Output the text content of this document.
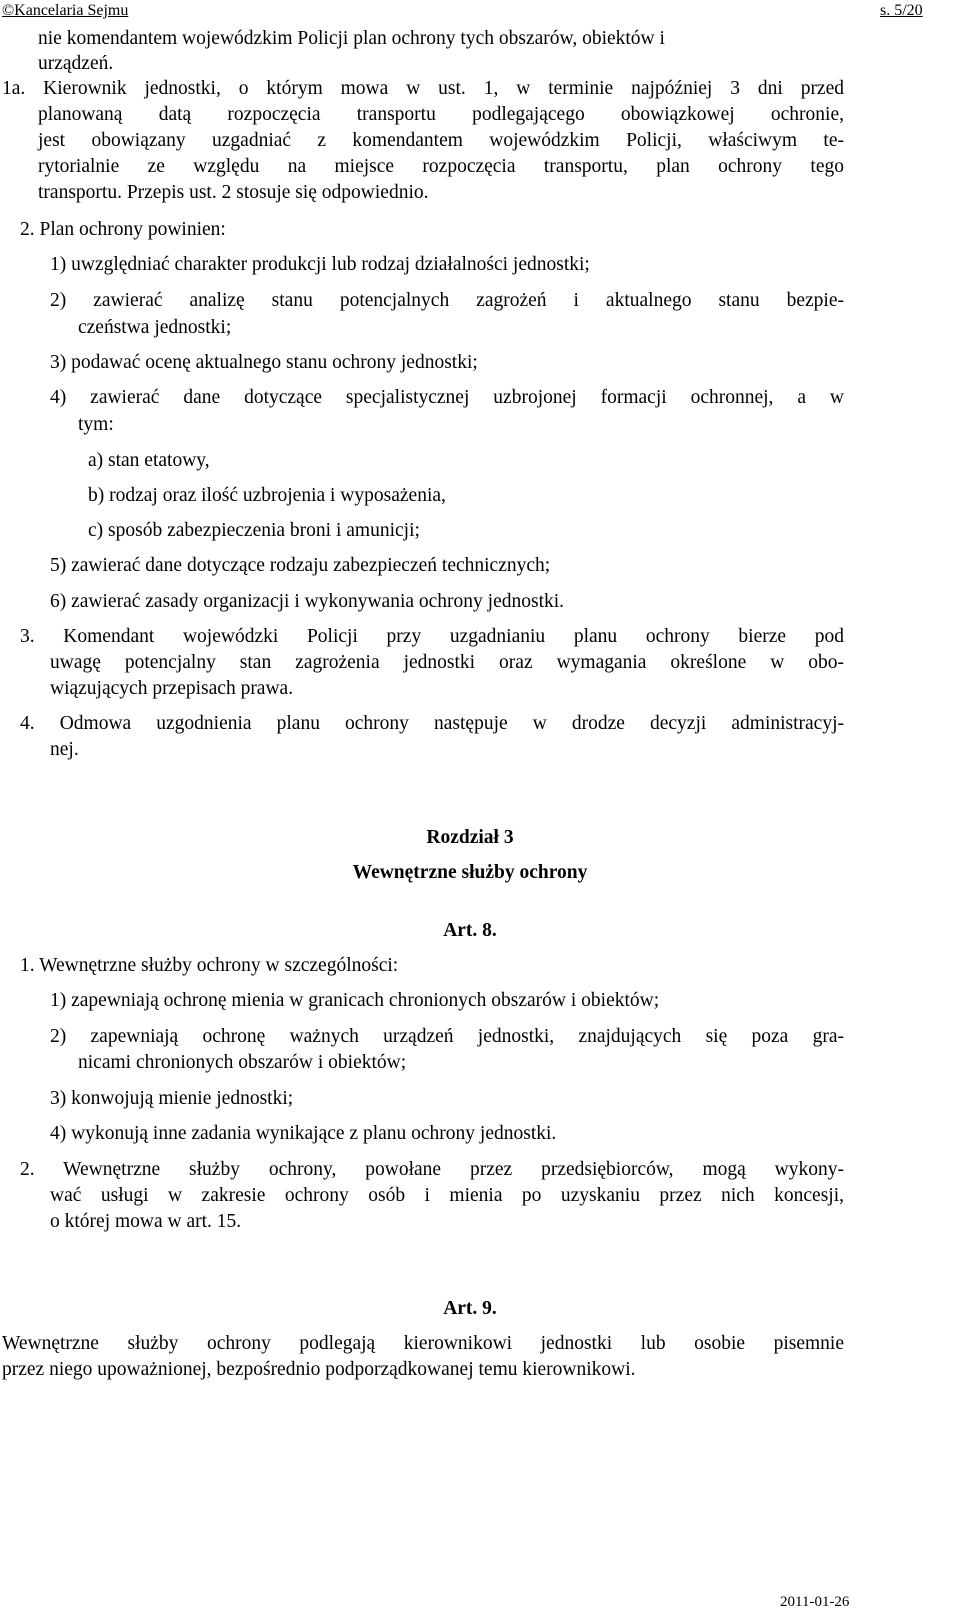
©Kancelaria Sejmu	s. 5/20
nie komendantem wojewódzkim Policji plan ochrony tych obszarów, obiektów i
urządzeń.
1a. Kierownik jednostki, o którym mowa w ust. 1, w terminie najpóźniej 3 dni przed
planowaną datą rozpoczęcia transportu podlegającego obowiązkowej ochronie,
jest obowiązany uzgadniać z komendantem wojewódzkim Policji, właściwym te-
rytorialnie ze względu na miejsce rozpoczęcia transportu, plan ochrony tego
transportu. Przepis ust. 2 stosuje się odpowiednio.
2. Plan ochrony powinien:
1) uwzględniać charakter produkcji lub rodzaj działalności jednostki;
2) zawierać analizę stanu potencjalnych zagrożeń i aktualnego stanu bezpie-
czeństwa jednostki;
3) podawać ocenę aktualnego stanu ochrony jednostki;
4) zawierać dane dotyczące specjalistycznej uzbrojonej formacji ochronnej, a w
tym:
a) stan etatowy,
b) rodzaj oraz ilość uzbrojenia i wyposażenia,
c) sposób zabezpieczenia broni i amunicji;
5) zawierać dane dotyczące rodzaju zabezpieczeń technicznych;
6) zawierać zasady organizacji i wykonywania ochrony jednostki.
3. Komendant wojewódzki Policji przy uzgadnianiu planu ochrony bierze pod
uwagę potencjalny stan zagrożenia jednostki oraz wymagania określone w obo-
wiązujących przepisach prawa.
4. Odmowa uzgodnienia planu ochrony następuje w drodze decyzji administracyj-
nej.
1. Wewnętrzne służby ochrony w szczególności:
1) zapewniają ochronę mienia w granicach chronionych obszarów i obiektów;
2) zapewniają ochronę ważnych urządzeń jednostki, znajdujących się poza gra-
nicami chronionych obszarów i obiektów;
3) konwojują mienie jednostki;
4) wykonują inne zadania wynikające z planu ochrony jednostki.
2. Wewnętrzne służby ochrony, powołane przez przedsiębiorców, mogą wykony-
wać usługi w zakresie ochrony osób i mienia po uzyskaniu przez nich koncesji,
o której mowa w art. 15.
Wewnętrzne służby ochrony podlegają kierownikowi jednostki lub osobie pisemnie
przez niego upoważnionej, bezpośrednio podporządkowanej temu kierownikowi.
Rozdział 3
Wewnętrzne służby ochrony
Art. 8.
Art. 9.
2011-01-26
